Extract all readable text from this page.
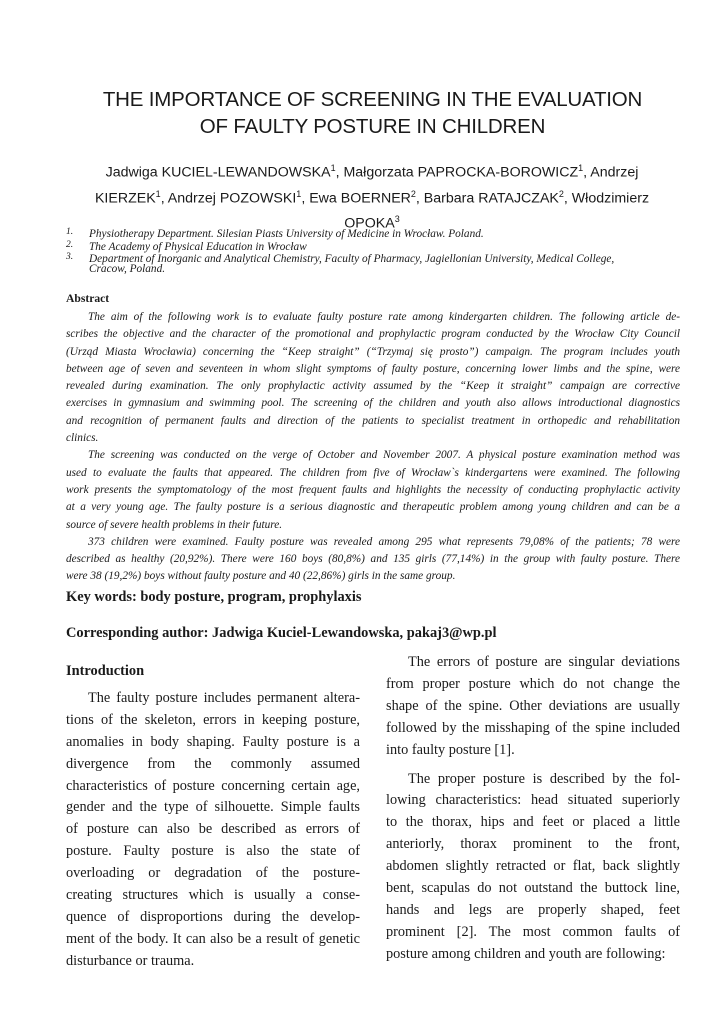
THE IMPORTANCE OF SCREENING IN THE EVALUATION
OF FAULTY POSTURE IN CHILDREN
Jadwiga KUCIEL-LEWANDOWSKA$^1$, Małgorzata PAPROCKA-BOROWICZ$^1$, Andrzej
KIERZEK$^1$, Andrzej POZOWSKI$^1$, Ewa BOERNER$^2$, Barbara RATAJCZAK$^2$, Włodzimierz
OPOKA$^3$
1. Physiotherapy Department. Silesian Piasts University of Medicine in Wrocław. Poland.
2. The Academy of Physical Education in Wrocław
3. Department of Inorganic and Analytical Chemistry, Faculty of Pharmacy, Jagiellonian University, Medical College,
Cracow, Poland.
Abstract
The aim of the following work is to evaluate faulty posture rate among kindergarten children. The following article de-
scribes the objective and the character of the promotional and prophylactic program conducted by the Wrocław City Council
(Urząd Miasta Wrocławia) concerning the “Keep straight” (“Trzymaj się prosto”) campaign. The program includes youth
between age of seven and seventeen in whom slight symptoms of faulty posture, concerning lower limbs and the spine, were
revealed during examination. The only prophylactic activity assumed by the “Keep it straight” campaign are corrective
exercises in gymnasium and swimming pool. The screening of the children and youth also allows introductional diagnostics
and recognition of permanent faults and direction of the patients to specialist treatment in orthopedic and rehabilitation
clinics.
The screening was conducted on the verge of October and November 2007. A physical posture examination method was
used to evaluate the faults that appeared. The children from five of Wrocław`s kindergartens were examined. The following
work presents the symptomatology of the most frequent faults and highlights the necessity of conducting prophylactic activity
at a very young age. The faulty posture is a serious diagnostic and therapeutic problem among young children and can be a
source of severe health problems in their future.
373 children were examined. Faulty posture was revealed among 295 what represents 79,08% of the patients; 78 were
described as healthy (20,92%). There were 160 boys (80,8%) and 135 girls (77,14%) in the group with faulty posture. There
were 38 (19,2%) boys without faulty posture and 40 (22,86%) girls in the same group.
Key words: body posture, program, prophylaxis
Corresponding author: Jadwiga Kuciel-Lewandowska, pakaj3@wp.pl
Introduction
The faulty posture includes permanent altera-
tions of the skeleton, errors in keeping posture,
anomalies in body shaping. Faulty posture is a
divergence from the commonly assumed
characteristics of posture concerning certain age,
gender and the type of silhouette. Simple faults
of posture can also be described as errors of
posture. Faulty posture is also the state of
overloading or degradation of the posture-
creating structures which is usually a conse-
quence of disproportions during the develop-
ment of the body. It can also be a result of genetic
disturbance or trauma.
The errors of posture are singular deviations
from proper posture which do not change the
shape of the spine. Other deviations are usually
followed by the misshaping of the spine included
into faulty posture [1].
The proper posture is described by the fol-
lowing characteristics: head situated superiorly
to the thorax, hips and feet or placed a little
anteriorly, thorax prominent to the front,
abdomen slightly retracted or flat, back slightly
bent, scapulas do not outstand the buttock line,
hands and legs are properly shaped, feet
prominent [2]. The most common faults of
posture among children and youth are following:
